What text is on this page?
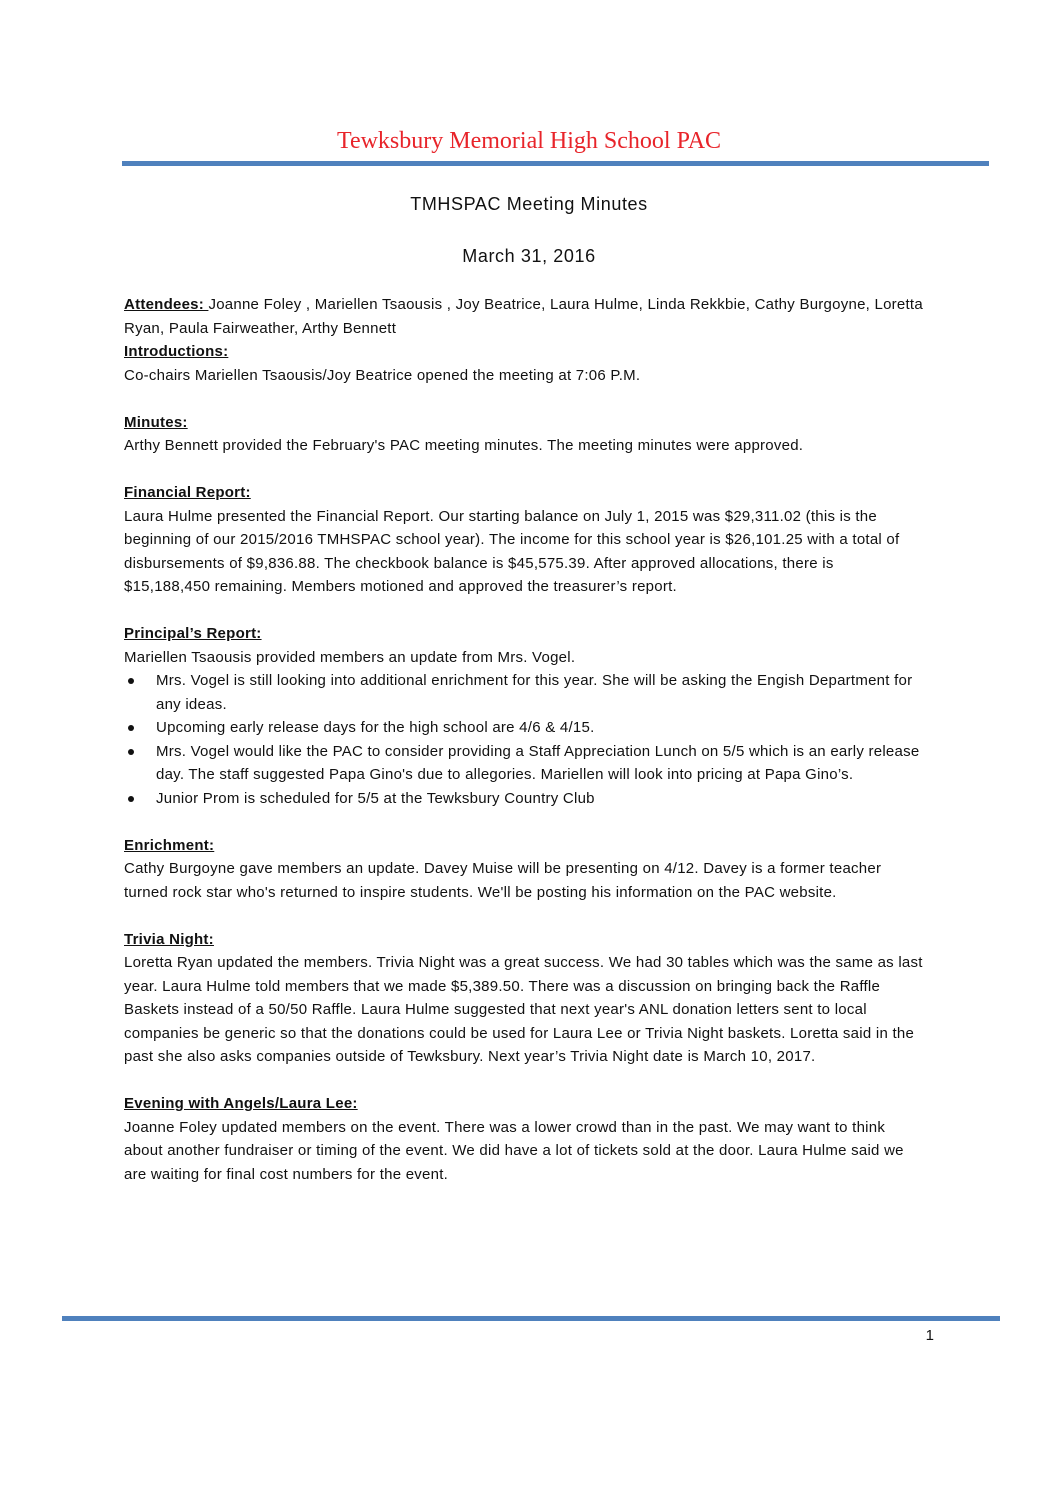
Tewksbury Memorial High School PAC
TMHSPAC Meeting Minutes
March 31, 2016

Attendees: Joanne Foley , Mariellen Tsaousis , Joy Beatrice, Laura Hulme, Linda Rekkbie, Cathy Burgoyne, Loretta Ryan, Paula Fairweather, Arthy Bennett

Introductions:

Co-chairs Mariellen Tsaousis/Joy Beatrice opened the meeting at 7:06 P.M.

Minutes:

Arthy Bennett provided the February's PAC meeting minutes. The meeting minutes were approved.

Financial Report:

Laura Hulme presented the Financial Report. Our starting balance on July 1, 2015 was $29,311.02 (this is the beginning of our 2015/2016 TMHSPAC school year). The income for this school year is $26,101.25 with a total of disbursements of $9,836.88. The checkbook balance is $45,575.39. After approved allocations, there is $15,188,450 remaining. Members motioned and approved the treasurer’s report.

Principal’s Report:

Mariellen Tsaousis provided members an update from Mrs. Vogel.

Mrs. Vogel is still looking into additional enrichment for this year. She will be asking the Engish Department for any ideas.
Upcoming early release days for the high school are 4/6 & 4/15.
Mrs. Vogel would like the PAC to consider providing a Staff Appreciation Lunch on 5/5 which is an early release day. The staff suggested Papa Gino's due to allegories. Mariellen will look into pricing at Papa Gino’s.
Junior Prom is scheduled for 5/5 at the Tewksbury Country Club

Enrichment:

Cathy Burgoyne gave members an update. Davey Muise will be presenting on 4/12. Davey is a former teacher turned rock star who's returned to inspire students. We'll be posting his information on the PAC website.

Trivia Night:

Loretta Ryan updated the members. Trivia Night was a great success. We had 30 tables which was the same as last year. Laura Hulme told members that we made $5,389.50. There was a discussion on bringing back the Raffle Baskets instead of a 50/50 Raffle. Laura Hulme suggested that next year's ANL donation letters sent to local companies be generic so that the donations could be used for Laura Lee or Trivia Night baskets. Loretta said in the past she also asks companies outside of Tewksbury. Next year’s Trivia Night date is March 10, 2017.

Evening with Angels/Laura Lee:

Joanne Foley updated members on the event. There was a lower crowd than in the past. We may want to think about another fundraiser or timing of the event. We did have a lot of tickets sold at the door. Laura Hulme said we are waiting for final cost numbers for the event.

1
